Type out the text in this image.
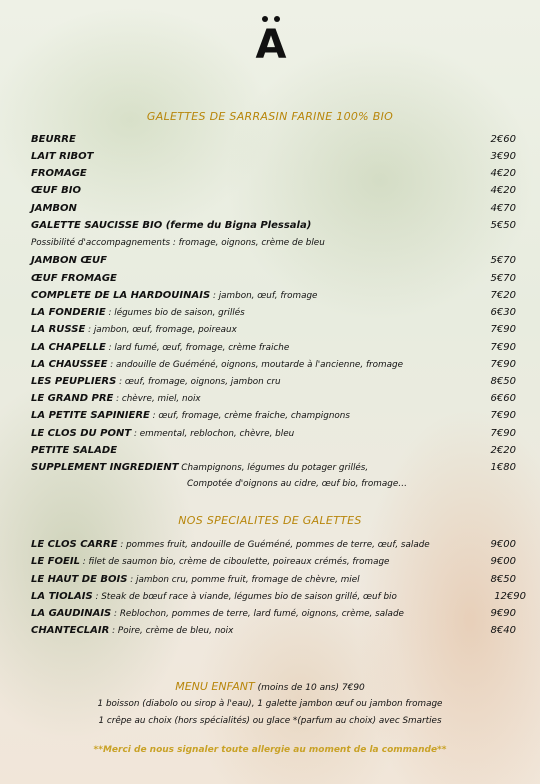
A
GALETTES DE SARRASIN FARINE 100% BIO
BEURRE	2€60
LAIT RIBOT	3€90
FROMAGE	4€20
ŒUF BIO	4€20
JAMBON	4€70
GALETTE SAUCISSE BIO (ferme du Bigna Plessala)	5€50
Possibilité d'accompagnements : fromage, oignons, crème de bleu
JAMBON ŒUF	5€70
ŒUF FROMAGE	5€70
COMPLETE DE LA HARDOUINAIS : jambon, œuf, fromage	7€20
LA FONDERIE : légumes bio de saison, grillés	6€30
LA RUSSE : jambon, œuf, fromage, poireaux	7€90
LA CHAPELLE : lard fumé, œuf, fromage, crème fraiche	7€90
LA CHAUSSEE : andouille de Guéméné, oignons, moutarde à l'ancienne, fromage	7€90
LES PEUPLIERS : œuf, fromage, oignons, jambon cru	8€50
LE GRAND PRE : chèvre, miel, noix	6€60
LA PETITE SAPINIERE : œuf, fromage, crème fraiche, champignons	7€90
LE CLOS DU PONT : emmental, reblochon, chèvre, bleu	7€90
PETITE SALADE	2€20
SUPPLEMENT INGREDIENT Champignons, légumes du potager grillés,	1€80
Compotée d'oignons au cidre, œuf bio, fromage…
NOS SPECIALITES DE GALETTES
LE CLOS CARRE : pommes fruit, andouille de Guéméné, pommes de terre, œuf, salade	9€00
LE FOEIL : filet de saumon bio, crème de ciboulette, poireaux crémés, fromage	9€00
LE HAUT DE BOIS : jambon cru, pomme fruit, fromage de chèvre, miel	8€50
LA TIOLAIS : Steak de bœuf race à viande, légumes bio de saison grillé, œuf bio	12€90
LA GAUDINAIS : Reblochon, pommes de terre, lard fumé, oignons, crème, salade	9€90
CHANTECLAIR : Poire, crème de bleu, noix	8€40
MENU ENFANT (moins de 10 ans) 7€90
1 boisson (diabolo ou sirop à l'eau), 1 galette jambon œuf ou jambon fromage
1 crêpe au choix (hors spécialités) ou glace *(parfum au choix) avec Smarties
**Merci de nous signaler toute allergie au moment de la commande**
